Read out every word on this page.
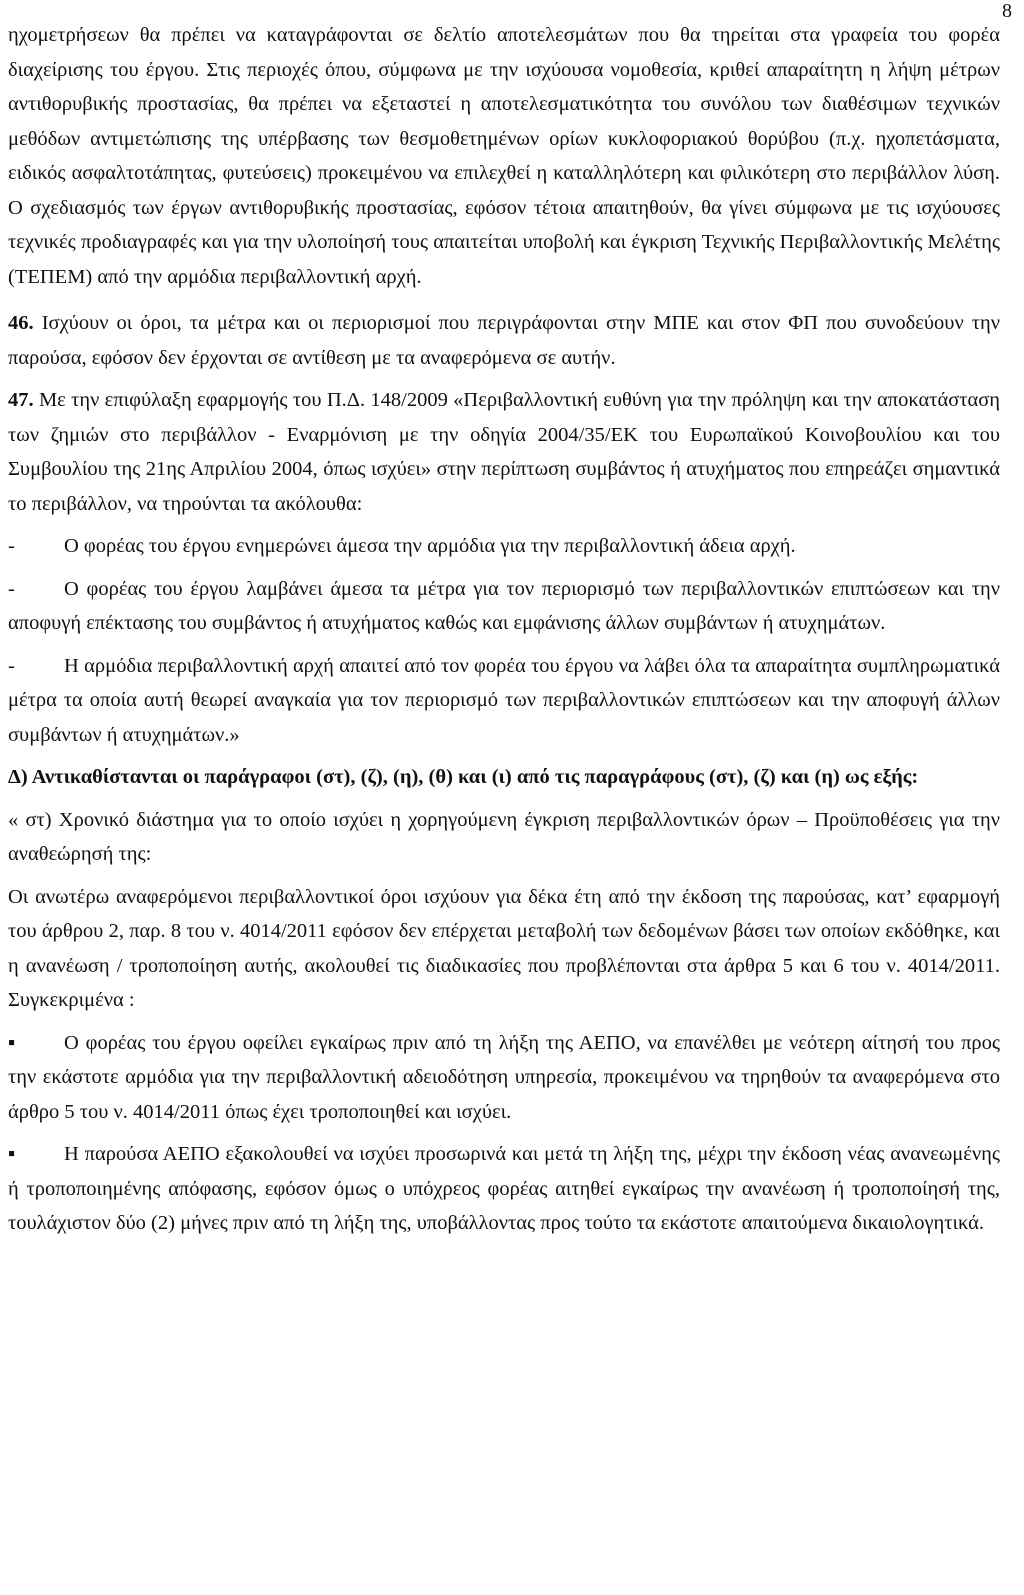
8

ηχομετρήσεων θα πρέπει να καταγράφονται σε δελτίο αποτελεσμάτων που θα τηρείται στα γραφεία του φορέα διαχείρισης του έργου. Στις περιοχές όπου, σύμφωνα με την ισχύουσα νομοθεσία, κριθεί απαραίτητη η λήψη μέτρων αντιθορυβικής προστασίας, θα πρέπει να εξεταστεί η αποτελεσματικότητα του συνόλου των διαθέσιμων τεχνικών μεθόδων αντιμετώπισης της υπέρβασης των θεσμοθετημένων ορίων κυκλοφοριακού θορύβου (π.χ. ηχοπετάσματα, ειδικός ασφαλτοτάπητας, φυτεύσεις) προκειμένου να επιλεχθεί η καταλληλότερη και φιλικότερη στο περιβάλλον λύση. Ο σχεδιασμός των έργων αντιθορυβικής προστασίας, εφόσον τέτοια απαιτηθούν, θα γίνει σύμφωνα με τις ισχύουσες τεχνικές προδιαγραφές και για την υλοποίησή τους απαιτείται υποβολή και έγκριση Τεχνικής Περιβαλλοντικής Μελέτης (ΤΕΠΕΜ) από την αρμόδια περιβαλλοντική αρχή.

46. Ισχύουν οι όροι, τα μέτρα και οι περιορισμοί που περιγράφονται στην ΜΠΕ και στον ΦΠ που συνοδεύουν την παρούσα, εφόσον δεν έρχονται σε αντίθεση με τα αναφερόμενα σε αυτήν.

47. Με την επιφύλαξη εφαρμογής του Π.Δ. 148/2009 «Περιβαλλοντική ευθύνη για την πρόληψη και την αποκατάσταση των ζημιών στο περιβάλλον - Εναρμόνιση με την οδηγία 2004/35/ΕΚ του Ευρωπαϊκού Κοινοβουλίου και του Συμβουλίου της 21ης Απριλίου 2004, όπως ισχύει» στην περίπτωση συμβάντος ή ατυχήματος που επηρεάζει σημαντικά το περιβάλλον, να τηρούνται τα ακόλουθα:

- Ο φορέας του έργου ενημερώνει άμεσα την αρμόδια για την περιβαλλοντική άδεια αρχή.

- Ο φορέας του έργου λαμβάνει άμεσα τα μέτρα για τον περιορισμό των περιβαλλοντικών επιπτώσεων και την αποφυγή επέκτασης του συμβάντος ή ατυχήματος καθώς και εμφάνισης άλλων συμβάντων ή ατυχημάτων.

- Η αρμόδια περιβαλλοντική αρχή απαιτεί από τον φορέα του έργου να λάβει όλα τα απαραίτητα συμπληρωματικά μέτρα τα οποία αυτή θεωρεί αναγκαία για τον περιορισμό των περιβαλλοντικών επιπτώσεων και την αποφυγή άλλων συμβάντων ή ατυχημάτων.»

Δ) Αντικαθίστανται οι παράγραφοι (στ), (ζ), (η), (θ) και (ι) από τις παραγράφους (στ), (ζ) και (η) ως εξής:

« στ) Χρονικό διάστημα για το οποίο ισχύει η χορηγούμενη έγκριση περιβαλλοντικών όρων – Προϋποθέσεις για την αναθεώρησή της:

Οι ανωτέρω αναφερόμενοι περιβαλλοντικοί όροι ισχύουν για δέκα έτη από την έκδοση της παρούσας, κατ’ εφαρμογή του άρθρου 2, παρ. 8 του ν. 4014/2011 εφόσον δεν επέρχεται μεταβολή των δεδομένων βάσει των οποίων εκδόθηκε, και η ανανέωση / τροποποίηση αυτής, ακολουθεί τις διαδικασίες που προβλέπονται στα άρθρα 5 και 6 του ν. 4014/2011. Συγκεκριμένα :

▪ Ο φορέας του έργου οφείλει εγκαίρως πριν από τη λήξη της ΑΕΠΟ, να επανέλθει με νεότερη αίτησή του προς την εκάστοτε αρμόδια για την περιβαλλοντική αδειοδότηση υπηρεσία, προκειμένου να τηρηθούν τα αναφερόμενα στο άρθρο 5 του ν. 4014/2011 όπως έχει τροποποιηθεί και ισχύει.

▪ Η παρούσα ΑΕΠΟ εξακολουθεί να ισχύει προσωρινά και μετά τη λήξη της, μέχρι την έκδοση νέας ανανεωμένης ή τροποποιημένης απόφασης, εφόσον όμως ο υπόχρεος φορέας αιτηθεί εγκαίρως την ανανέωση ή τροποποίησή της, τουλάχιστον δύο (2) μήνες πριν από τη λήξη της, υποβάλλοντας προς τούτο τα εκάστοτε απαιτούμενα δικαιολογητικά.
